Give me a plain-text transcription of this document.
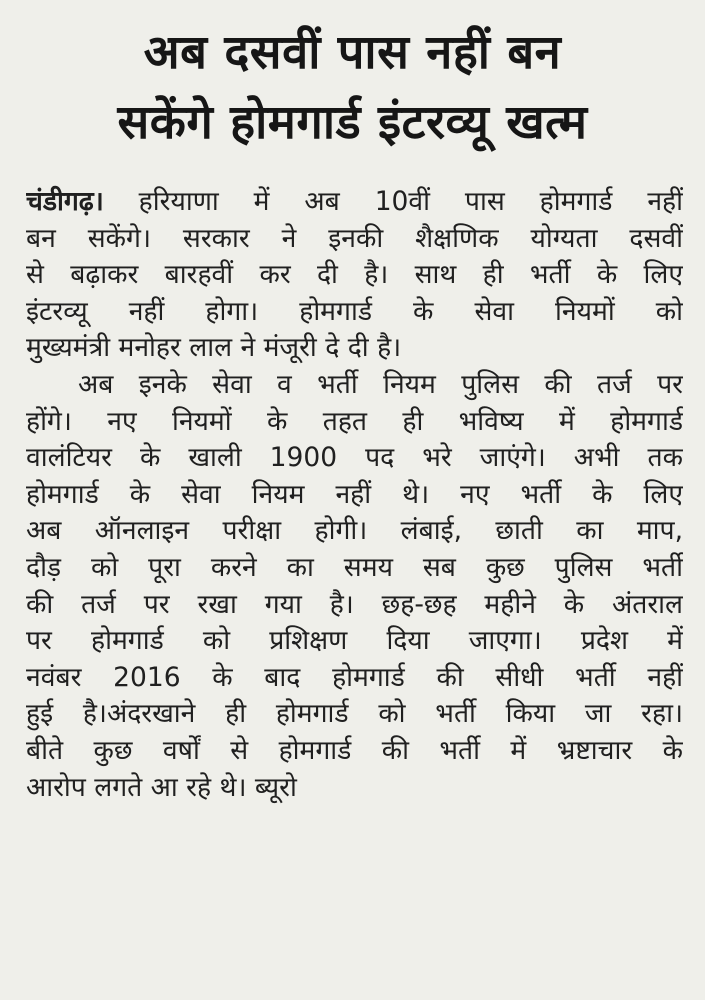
अब दसवीं पास नहीं बन
सकेंगे होमगार्ड इंटरव्यू खत्म
चंडीगढ़। हरियाणा में अब 10वीं पास होमगार्ड नहीं
बन सकेंगे। सरकार ने इनकी शैक्षणिक योग्यता दसवीं
से बढ़ाकर बारहवीं कर दी है। साथ ही भर्ती के लिए
इंटरव्यू नहीं होगा। होमगार्ड के सेवा नियमों को
मुख्यमंत्री मनोहर लाल ने मंजूरी दे दी है।
अब इनके सेवा व भर्ती नियम पुलिस की तर्ज पर
होंगे। नए नियमों के तहत ही भविष्य में होमगार्ड
वालंटियर के खाली 1900 पद भरे जाएंगे। अभी तक
होमगार्ड के सेवा नियम नहीं थे। नए भर्ती के लिए
अब ऑनलाइन परीक्षा होगी। लंबाई, छाती का माप,
दौड़ को पूरा करने का समय सब कुछ पुलिस भर्ती
की तर्ज पर रखा गया है। छह-छह महीने के अंतराल
पर होमगार्ड को प्रशिक्षण दिया जाएगा। प्रदेश में
नवंबर 2016 के बाद होमगार्ड की सीधी भर्ती नहीं
हुई है।अंदरखाने ही होमगार्ड को भर्ती किया जा रहा।
बीते कुछ वर्षों से होमगार्ड की भर्ती में भ्रष्टाचार के
आरोप लगते आ रहे थे। ब्यूरो
